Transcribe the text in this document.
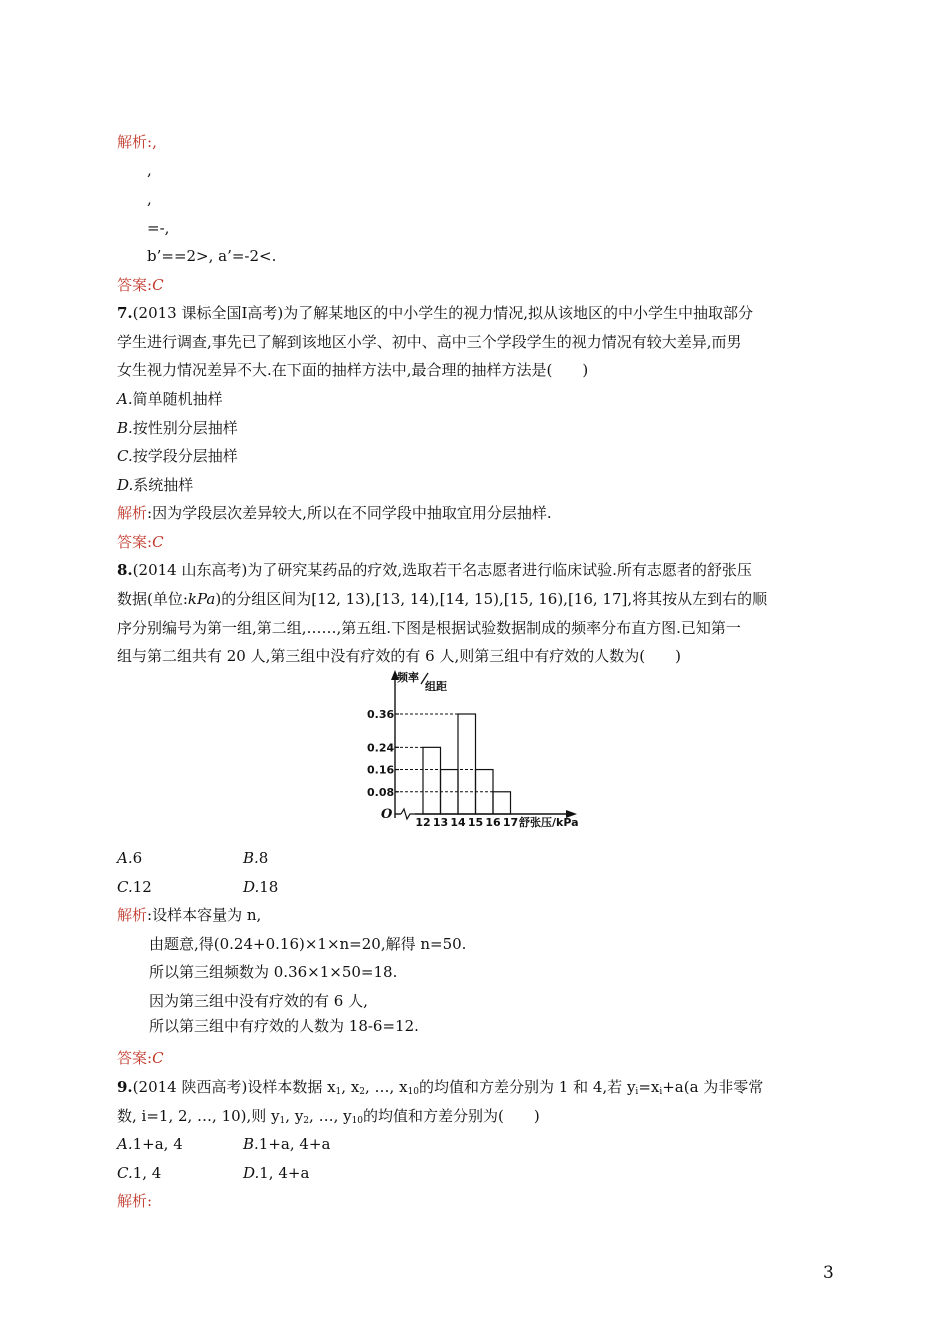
解析:,
,
,
=-,
b’==2>, a’=-2<.
答案:C
7.(2013 课标全国Ⅰ高考)为了解某地区的中小学生的视力情况,拟从该地区的中小学生中抽取部分
学生进行调查,事先已了解到该地区小学、初中、高中三个学段学生的视力情况有较大差异,而男
女生视力情况差异不大.在下面的抽样方法中,最合理的抽样方法是(　　)
A.简单随机抽样
B.按性别分层抽样
C.按学段分层抽样
D.系统抽样
解析:因为学段层次差异较大,所以在不同学段中抽取宜用分层抽样.
答案:C
8.(2014 山东高考)为了研究某药品的疗效,选取若干名志愿者进行临床试验.所有志愿者的舒张压
数据(单位:kPa)的分组区间为[12, 13),[13, 14),[14, 15),[15, 16),[16, 17],将其按从左到右的顺
序分别编号为第一组,第二组,……,第五组.下图是根据试验数据制成的频率分布直方图.已知第一
组与第二组共有 20 人,第三组中没有疗效的有 6 人,则第三组中有疗效的人数为(　　)
O
频率
组距
舒张压/kPa
0.08
0.16
0.24
0.36
12 13 14 15 16 17
A.6	B.8
C.12	D.18
解析:设样本容量为 n,
由题意,得(0.24+0.16)×1×n=20,解得 n=50.
所以第三组频数为 0.36×1×50=18.
因为第三组中没有疗效的有 6 人,
所以第三组中有疗效的人数为 18-6=12.
答案:C
9.(2014 陕西高考)设样本数据 $x_1$, $x_2$, …, $x_{10}$的均值和方差分别为 1 和 4,若 $y_i=x_i+a(a$ 为非零常
数, i=1, 2, …, 10),则 $y_1$, $y_2$, …, $y_{10}$的均值和方差分别为(　　)
A.1+a, 4	B.1+a, 4+a
C.1, 4	D.1, 4+a
解析:
3
